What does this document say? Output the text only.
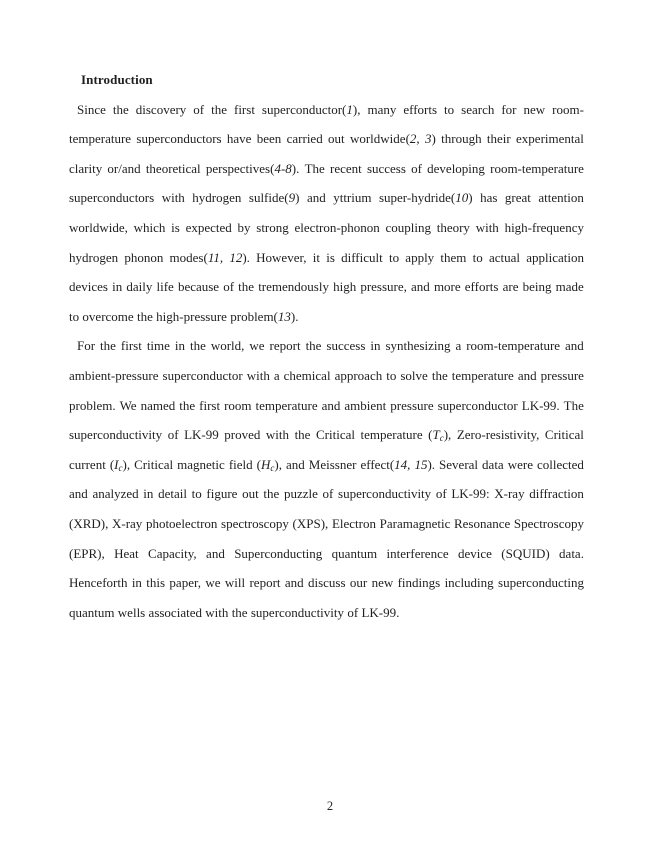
Introduction
Since the discovery of the first superconductor(1), many efforts to search for new room-
temperature superconductors have been carried out worldwide(2, 3) through their experimental
clarity or/and theoretical perspectives(4-8). The recent success of developing room-temperature
superconductors with hydrogen sulfide(9) and yttrium super-hydride(10) has great attention
worldwide, which is expected by strong electron-phonon coupling theory with high-frequency
hydrogen phonon modes(11, 12). However, it is difficult to apply them to actual application
devices in daily life because of the tremendously high pressure, and more efforts are being made
to overcome the high-pressure problem(13).
For the first time in the world, we report the success in synthesizing a room-temperature and
ambient-pressure superconductor with a chemical approach to solve the temperature and pressure
problem. We named the first room temperature and ambient pressure superconductor LK-99. The
superconductivity of LK-99 proved with the Critical temperature (Tc), Zero-resistivity, Critical
current (Ic), Critical magnetic field (Hc), and Meissner effect(14, 15). Several data were collected
and analyzed in detail to figure out the puzzle of superconductivity of LK-99: X-ray diffraction
(XRD), X-ray photoelectron spectroscopy (XPS), Electron Paramagnetic Resonance Spectroscopy
(EPR), Heat Capacity, and Superconducting quantum interference device (SQUID) data.
Henceforth in this paper, we will report and discuss our new findings including superconducting
quantum wells associated with the superconductivity of LK-99.
2
